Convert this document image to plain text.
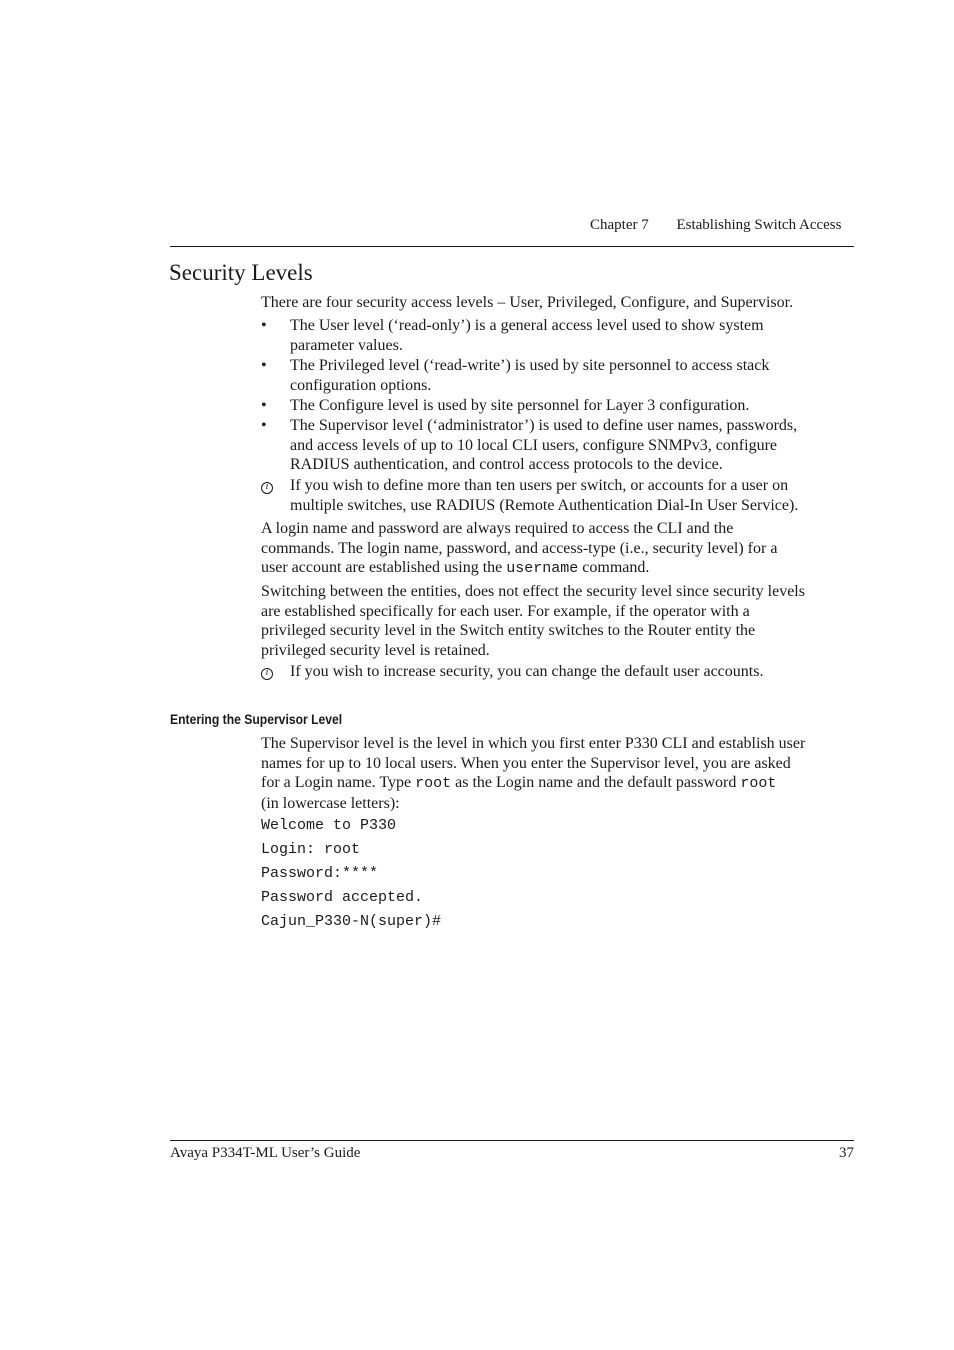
Chapter 7 Establishing Switch Access
Security Levels
There are four security access levels – User, Privileged, Configure, and Supervisor.
•	The User level (‘read-only’) is a general access level used to show system
parameter values.
•	The Privileged level (‘read-write’) is used by site personnel to access stack
configuration options.
•	The Configure level is used by site personnel for Layer 3 configuration.
•	The Supervisor level (‘administrator’) is used to define user names, passwords,
and access levels of up to 10 local CLI users, configure SNMPv3, configure
RADIUS authentication, and control access protocols to the device.
i
If you wish to define more than ten users per switch, or accounts for a user on
multiple switches, use RADIUS (Remote Authentication Dial-In User Service).
A login name and password are always required to access the CLI and the
commands. The login name, password, and access-type (i.e., security level) for a
user account are established using the username command.
Switching between the entities, does not effect the security level since security levels
are established specifically for each user. For example, if the operator with a
privileged security level in the Switch entity switches to the Router entity the
privileged security level is retained.
i
If you wish to increase security, you can change the default user accounts.
Entering the Supervisor Level
The Supervisor level is the level in which you first enter P330 CLI and establish user
names for up to 10 local users. When you enter the Supervisor level, you are asked
for a Login name. Type root as the Login name and the default password root
(in lowercase letters):
Welcome to P330
Login: root
Password:****
Password accepted.
Cajun_P330-N(super)#
Avaya P334T-ML User’s Guide	37
